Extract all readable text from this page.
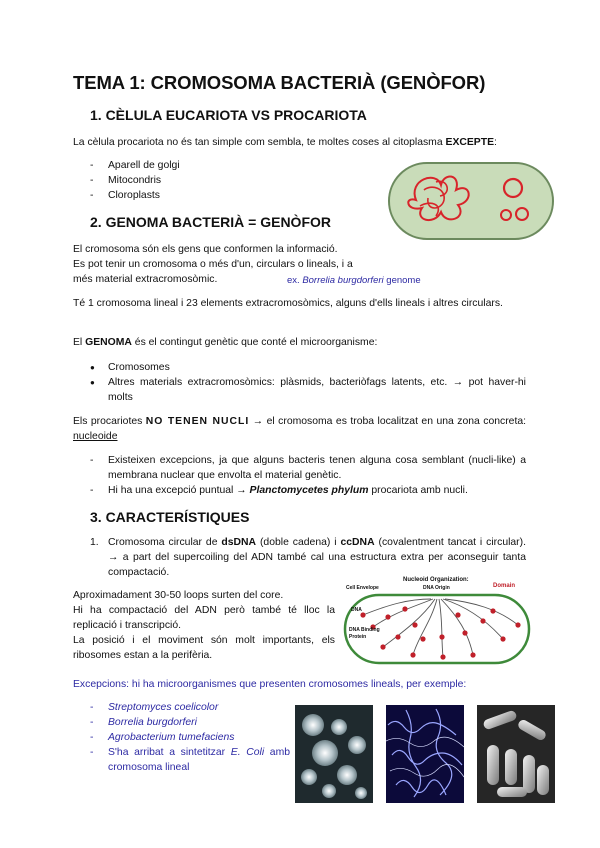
TEMA 1: CROMOSOMA BACTERIÀ (GENÒFOR)
1. CÈLULA EUCARIOTA VS PROCARIOTA

La cèlula procariota no és tan simple com sembla, te moltes coses al citoplasma EXCEPTE:

- Aparell de golgi
- Mitocondris
- Cloroplasts
2. GENOMA BACTERIÀ = GENÒFOR

El cromosoma són els gens que conformen la informació.

Es pot tenir un cromosoma o més d'un, circulars o lineals, i a

més material extracromosòmic.	ex. Borrelia burgdorferi genome

Té 1 cromosoma lineal i 23 elements extracromosòmics, alguns d'ells lineals i altres circulars.

El GENOMA és el contingut genètic que conté el microorganisme:

● Cromosomes
● Altres materials extracromosòmics: plàsmids, bacteriòfags latents, etc. → pot haver-hi molts

Els procariotes NO TENEN NUCLI → el cromosoma es troba localitzat en una zona concreta: nucleoide

- Existeixen excepcions, ja que alguns bacteris tenen alguna cosa semblant (nucli-like) a membrana nuclear que envolta el material genètic.
- Hi ha una excepció puntual → Planctomycetes phylum procariota amb nucli.
3. CARACTERÍSTIQUES
1. Cromosoma circular de dsDNA (doble cadena) i ccDNA (covalentment tancat i circular). → a part del supercoiling del ADN també cal una estructura extra per aconseguir tanta compactació.

Aproximadament 30-50 loops surten del core.

Hi ha compactació del ADN però també té lloc la replicació i transcripció.

La posició i el moviment són molt importants, els ribosomes estan a la perifèria.

Nucleoid Organization:
DNA Origin
Cell Envelope	Domain
DNA
DNA Binding
Protein

Excepcions: hi ha microorganismes que presenten cromosomes lineals, per exemple:

- Streptomyces coelicolor
- Borrelia burgdorferi
- Agrobacterium tumefaciens
- S'ha arribat a sintetitzar E. Coli amb cromosoma lineal
